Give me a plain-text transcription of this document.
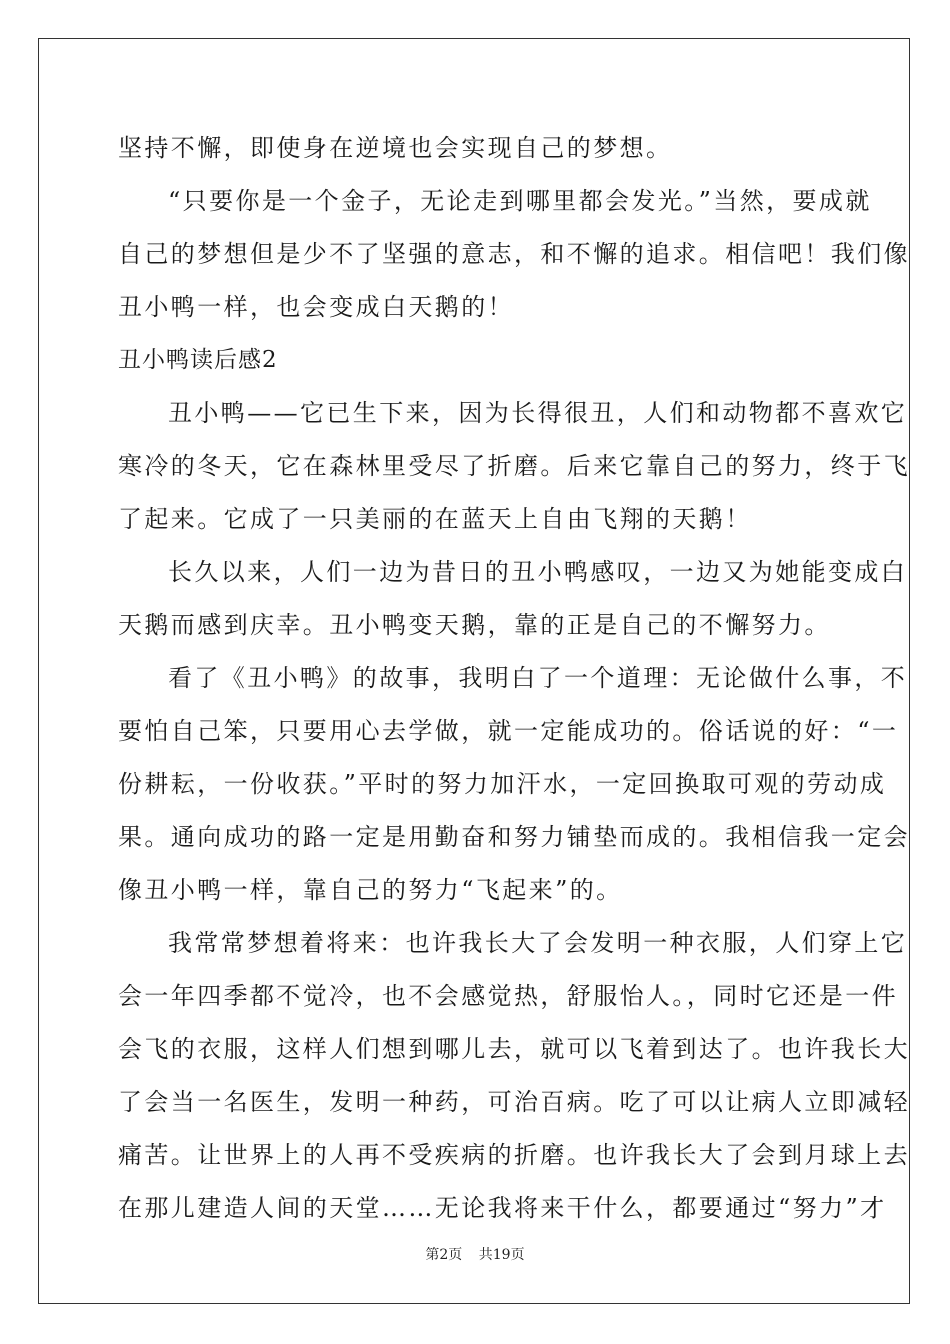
坚持不懈，即使身在逆境也会实现自己的梦想。
“只要你是一个金子，无论走到哪里都会发光。”当然，要成就
自己的梦想但是少不了坚强的意志，和不懈的追求。相信吧！我们像
丑小鸭一样，也会变成白天鹅的！
丑小鸭读后感2
丑小鸭——它已生下来，因为长得很丑，人们和动物都不喜欢它
寒冷的冬天，它在森林里受尽了折磨。后来它靠自己的努力，终于飞
了起来。它成了一只美丽的在蓝天上自由飞翔的天鹅！
长久以来，人们一边为昔日的丑小鸭感叹，一边又为她能变成白
天鹅而感到庆幸。丑小鸭变天鹅，靠的正是自己的不懈努力。
看了《丑小鸭》的故事，我明白了一个道理：无论做什么事，不
要怕自己笨，只要用心去学做，就一定能成功的。俗话说的好：“一
份耕耘，一份收获。”平时的努力加汗水，一定回换取可观的劳动成
果。通向成功的路一定是用勤奋和努力铺垫而成的。我相信我一定会
像丑小鸭一样，靠自己的努力“飞起来”的。
我常常梦想着将来：也许我长大了会发明一种衣服，人们穿上它
会一年四季都不觉冷，也不会感觉热，舒服怡人。，同时它还是一件
会飞的衣服，这样人们想到哪儿去，就可以飞着到达了。也许我长大
了会当一名医生，发明一种药，可治百病。吃了可以让病人立即减轻
痛苦。让世界上的人再不受疾病的折磨。也许我长大了会到月球上去
在那儿建造人间的天堂……无论我将来干什么，都要通过“努力”才
第2页 共19页
